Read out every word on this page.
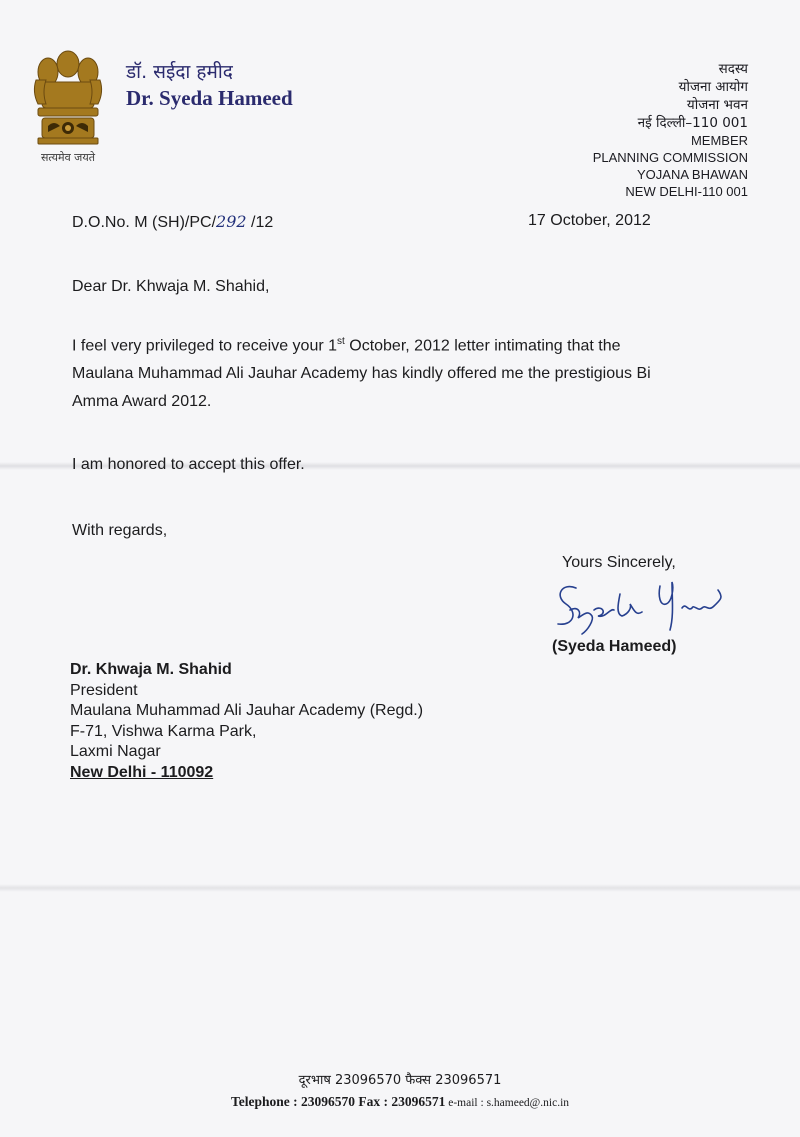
सत्यमेव जयते
डॉ. सईदा हमीद
Dr. Syeda Hameed
सदस्य
योजना आयोग
योजना भवन
नई दिल्ली–110 001
MEMBER
PLANNING COMMISSION
YOJANA BHAWAN
NEW DELHI-110 001
D.O.No. M (SH)/PC/292 /12	17 October, 2012
Dear Dr. Khwaja M. Shahid,

I feel very privileged to receive your 1st October, 2012 letter intimating that the Maulana Muhammad Ali Jauhar Academy has kindly offered me the prestigious Bi Amma Award 2012.

I am honored to accept this offer.
With regards,
Yours Sincerely,
(Syeda Hameed)
Dr. Khwaja M. Shahid
President
Maulana Muhammad Ali Jauhar Academy (Regd.)
F-71, Vishwa Karma Park,
Laxmi Nagar
New Delhi - 110092
दूरभाष 23096570 फैक्स 23096571
Telephone : 23096570 Fax : 23096571 e-mail : s.hameed@.nic.in
